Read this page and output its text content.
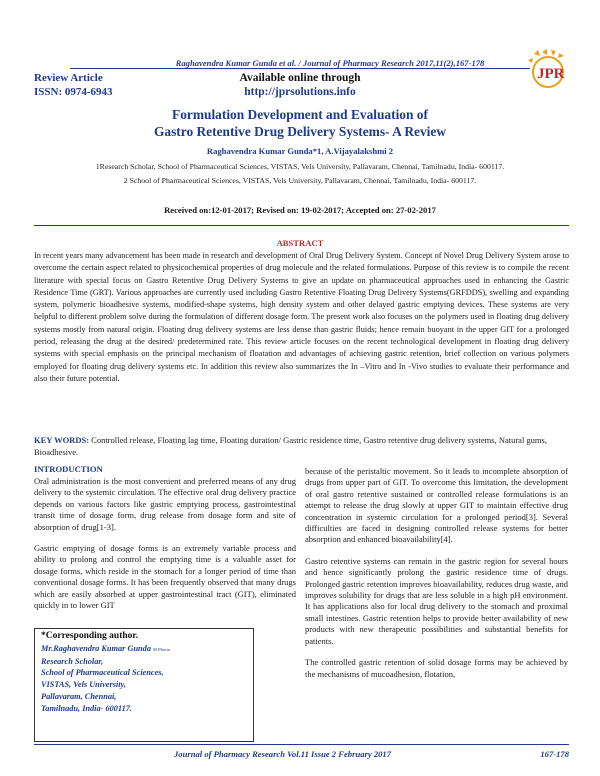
Raghavendra Kumar Gunda et al. / Journal of Pharmacy Research 2017,11(2),167-178
Review Article
ISSN: 0974-6943
Available online through
http://jprsolutions.info
JPR
Formulation Development and Evaluation of
Gastro Retentive Drug Delivery Systems- A Review
Raghavendra Kumar Gunda*1, A.Vijayalakshmi 2
1Research Scholar, School of Pharmaceutical Sciences, VISTAS, Vels University, Pallavaram, Chennai, Tamilnadu, India- 600117.
2 School of Pharmaceutical Sciences, VISTAS, Vels University, Pallavaram, Chennai, Tamilnadu, India- 600117.
Received on:12-01-2017; Revised on: 19-02-2017; Accepted on: 27-02-2017
ABSTRACT
In recent years many advancement has been made in research and development of Oral Drug Delivery System. Concept of Novel Drug Delivery System arose to overcome the certain aspect related to physicochemical properties of drug molecule and the related formulations. Purpose of this review is to compile the recent literature with special focus on Gastro Retentive Drug Delivery Systems to give an update on pharmaceutical approaches used in enhancing the Gastric Residence Time (GRT). Various approaches are currently used including Gastro Retentive Floating Drug Delivery Systems(GRFDDS), swelling and expanding system, polymeric bioadhesive systems, modified-shape systems, high density system and other delayed gastric emptying devices. These systems are very helpful to different problem solve during the formulation of different dosage form. The present work also focuses on the polymers used in floating drug delivery systems mostly from natural origin. Floating drug delivery systems are less dense than gastric fluids; hence remain buoyant in the upper GIT for a prolonged period, releasing the drug at the desired/ predetermined rate. This review article focuses on the recent technological development in floating drug delivery systems with special emphasis on the principal mechanism of floatation and advantages of achieving gastric retention, brief collection on various polymers employed for floating drug delivery systems etc. In addition this review also summarizes the In –Vitro and In -Vivo studies to evaluate their performance and also their future potential.
KEY WORDS: Controlled release, Floating lag time, Floating duration/ Gastric residence time, Gastro retentive drug delivery systems, Natural gums, Bioadhesive.
INTRODUCTION

Oral administration is the most convenient and preferred means of any drug delivery to the systemic circulation. The effective oral drug delivery practice depends on various factors like gastric emptying process, gastrointestinal transit time of dosage form, drug release from dosage form and site of absorption of drug[1-3].

Gastric emptying of dosage forms is an extremely variable process and ability to prolong and control the emptying time is a valuable asset for dosage forms, which reside in the stomach for a longer period of time than conventional dosage forms. It has been frequently observed that many drugs which are easily absorbed at upper gastrointestinal tract (GIT), eliminated quickly in to lower GIT

because of the peristaltic movement. So it leads to incomplete absorption of drugs from upper part of GIT. To overcome this limitation, the development of oral gastro retentive sustained or controlled release formulations is an attempt to release the drug slowly at upper GIT to maintain effective drug concentration in systemic circulation for a prolonged period[3]. Several difficulties are faced in designing controlled release systems for better absorption and enhanced bioavailability[4].

Gastro retentive systems can remain in the gastric region for several hours and hence significantly prolong the gastric residence time of drugs. Prolonged gastric retention improves bioavailability, reduces drug waste, and improves solubility for drugs that are less soluble in a high pH environment. It has applications also for local drug delivery to the stomach and proximal small intestines. Gastric retention helps to provide better availability of new products with new therapeutic possibilities and substantial benefits for patients.

The controlled gastric retention of solid dosage forms may be achieved by the mechanisms of mucoadhesion, flotation,

*Corresponding author.
Mr.Raghavendra Kumar Gunda M.Pharm
Research Scholar,
School of Pharmaceutical Sciences,
VISTAS, Vels University,
Pallavaram, Chennai,
Tamilnadu, India- 600117.
Journal of Pharmacy Research Vol.11 Issue 2 February 2017	167-178
